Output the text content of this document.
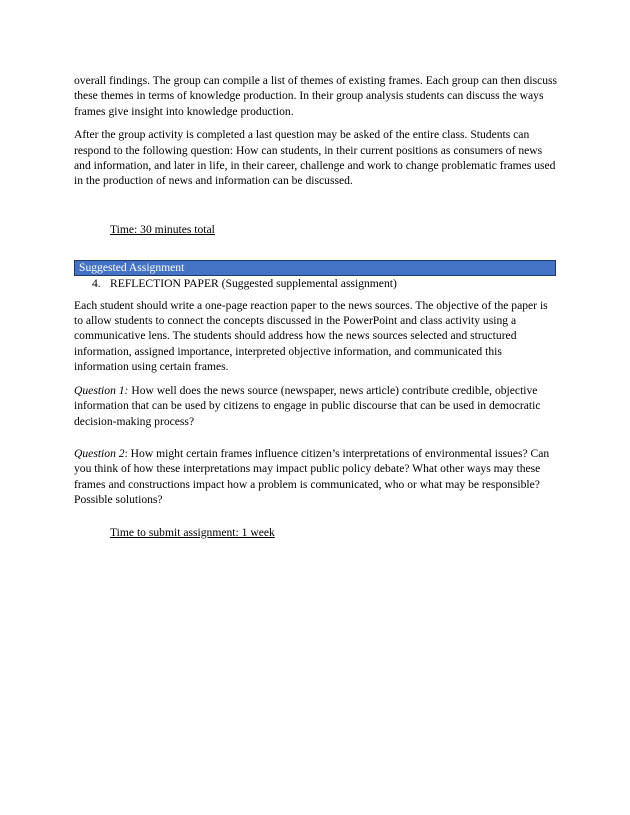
overall findings. The group can compile a list of themes of existing frames. Each group can then discuss these themes in terms of knowledge production. In their group analysis students can discuss the ways frames give insight into knowledge production.

After the group activity is completed a last question may be asked of the entire class. Students can respond to the following question: How can students, in their current positions as consumers of news and information, and later in life, in their career, challenge and work to change problematic frames used in the production of news and information can be discussed.

Time: 30 minutes total

Suggested Assignment

4. REFLECTION PAPER (Suggested supplemental assignment)

Each student should write a one-page reaction paper to the news sources. The objective of the paper is to allow students to connect the concepts discussed in the PowerPoint and class activity using a communicative lens. The students should address how the news sources selected and structured information, assigned importance, interpreted objective information, and communicated this information using certain frames.

Question 1: How well does the news source (newspaper, news article) contribute credible, objective information that can be used by citizens to engage in public discourse that can be used in democratic decision-making process?

Question 2: How might certain frames influence citizen’s interpretations of environmental issues? Can you think of how these interpretations may impact public policy debate? What other ways may these frames and constructions impact how a problem is communicated, who or what may be responsible? Possible solutions?

Time to submit assignment: 1 week
